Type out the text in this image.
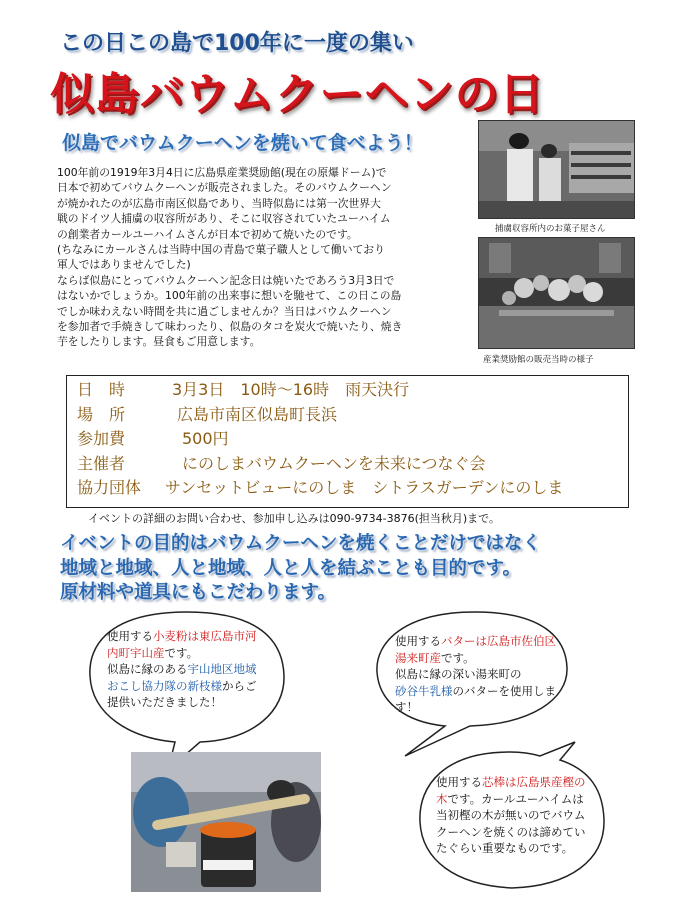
この日この島で100年に一度の集い
似島バウムクーヘンの日
似島でバウムクーヘンを焼いて食べよう！

100年前の1919年3月4日に広島県産業奨励館(現在の原爆ドーム)で

日本で初めてバウムクーヘンが販売されました。そのバウムクーヘン

が焼かれたのが広島市南区似島であり、当時似島には第一次世界大

戦のドイツ人捕虜の収容所があり、そこに収容されていたユーハイム

の創業者カールユーハイムさんが日本で初めて焼いたのです。

(ちなみにカールさんは当時中国の青島で菓子職人として働いており

軍人ではありませんでした)

ならば似島にとってバウムクーヘン記念日は焼いたであろう3月3日で

はないかでしょうか。100年前の出来事に想いを馳せて、この日この島

でしか味わえない時間を共に過ごしませんか？当日はバウムクーヘン

を参加者で手焼きして味わったり、似島のタコを炭火で焼いたり、焼き

芋をしたりします。昼食もご用意します。

捕虜収容所内のお菓子屋さん
産業奨励館の販売当時の様子
日　時	3月3日　10時～16時　雨天決行
場　所	広島市南区似島町長浜
参加費	500円
主催者	にのしまバウムクーヘンを未来につなぐ会
協力団体	サンセットビューにのしま　シトラスガーデンにのしま
イベントの詳細のお問い合わせ、参加申し込みは090-9734-3876(担当秋月)まで。

イベントの目的はバウムクーヘンを焼くことだけではなく

地域と地域、人と地域、人と人を結ぶことも目的です。

原材料や道具にもこだわります。

使用する小麦粉は東広島市河内町宇山産です。
似島に縁のある宇山地区地域おこし協力隊の新枝様からご提供いただきました！
使用するバターは広島市佐伯区湯来町産です。
似島に縁の深い湯来町の
砂谷牛乳様のバターを使用します！
使用する芯棒は広島県産樫の木です。カールユーハイムは当初樫の木が無いのでバウムクーヘンを焼くのは諦めていたぐらい重要なものです。
